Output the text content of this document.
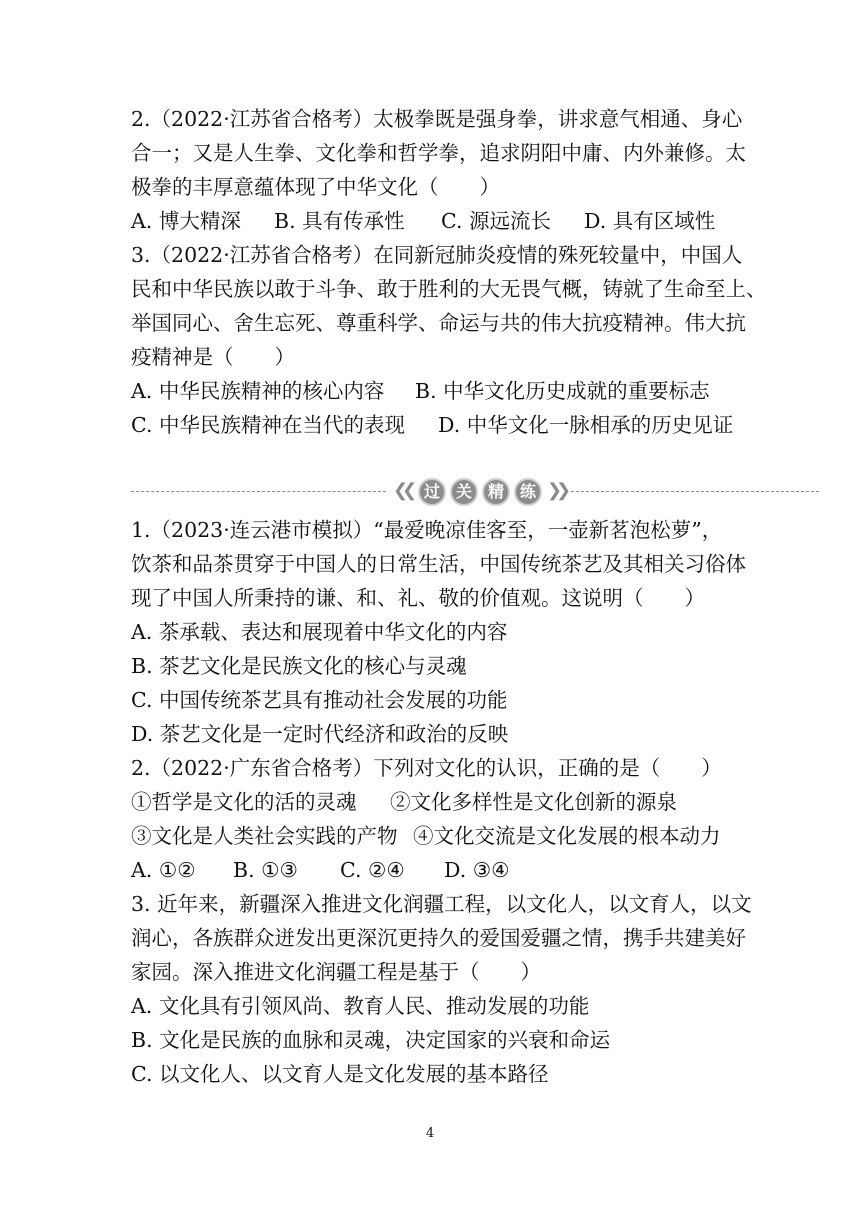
2.（2022·江苏省合格考）太极拳既是强身拳，讲求意气相通、身心
合一；又是人生拳、文化拳和哲学拳，追求阴阳中庸、内外兼修。太
极拳的丰厚意蕴体现了中华文化（　　）
A. 博大精深 B. 具有传承性 C. 源远流长 D. 具有区域性
3.（2022·江苏省合格考）在同新冠肺炎疫情的殊死较量中，中国人
民和中华民族以敢于斗争、敢于胜利的大无畏气概，铸就了生命至上、
举国同心、舍生忘死、尊重科学、命运与共的伟大抗疫精神。伟大抗
疫精神是（　　）
A. 中华民族精神的核心内容 B. 中华文化历史成就的重要标志
C. 中华民族精神在当代的表现 D. 中华文化一脉相承的历史见证
❮❮ 过 关 精 练 ❯❯
1.（2023·连云港市模拟）“最爱晚凉佳客至，一壶新茗泡松萝”，
饮茶和品茶贯穿于中国人的日常生活，中国传统茶艺及其相关习俗体
现了中国人所秉持的谦、和、礼、敬的价值观。这说明（　　）
A. 茶承载、表达和展现着中华文化的内容
B. 茶艺文化是民族文化的核心与灵魂
C. 中国传统茶艺具有推动社会发展的功能
D. 茶艺文化是一定时代经济和政治的反映
2.（2022·广东省合格考）下列对文化的认识，正确的是（　　）
①哲学是文化的活的灵魂 ②文化多样性是文化创新的源泉
③文化是人类社会实践的产物 ④文化交流是文化发展的根本动力
A. ①② B. ①③ C. ②④ D. ③④
3. 近年来，新疆深入推进文化润疆工程，以文化人，以文育人，以文
润心，各族群众迸发出更深沉更持久的爱国爱疆之情，携手共建美好
家园。深入推进文化润疆工程是基于（　　）
A. 文化具有引领风尚、教育人民、推动发展的功能
B. 文化是民族的血脉和灵魂，决定国家的兴衰和命运
C. 以文化人、以文育人是文化发展的基本路径
4
